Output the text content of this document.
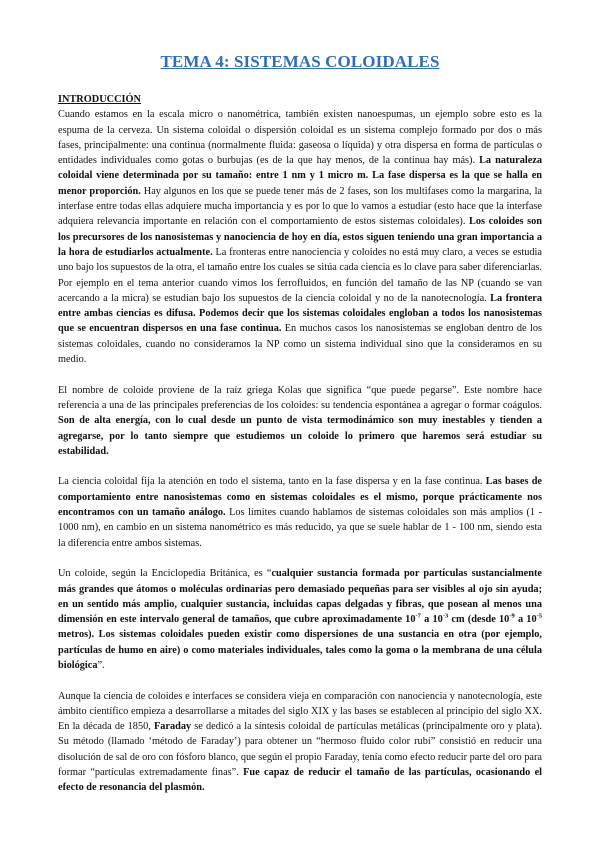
TEMA 4: SISTEMAS COLOIDALES

INTRODUCCIÓN

Cuando estamos en la escala micro o nanométrica, también existen nanoespumas, un ejemplo sobre esto es la espuma de la cerveza. Un sistema coloidal o dispersión coloidal es un sistema complejo formado por dos o más fases, principalmente: una continua (normalmente fluida: gaseosa o líquida) y otra dispersa en forma de partículas o entidades individuales como gotas o burbujas (es de la que hay menos, de la continua hay más). La naturaleza coloidal viene determinada por su tamaño: entre 1 nm y 1 micro m. La fase dispersa es la que se halla en menor proporción. Hay algunos en los que se puede tener más de 2 fases, son los multifases como la margarina, la interfase entre todas ellas adquiere mucha importancia y es por lo que lo vamos a estudiar (esto hace que la interfase adquiera relevancia importante en relación con el comportamiento de estos sistemas coloidales). Los coloides son los precursores de los nanosistemas y nanociencia de hoy en día, estos siguen teniendo una gran importancia a la hora de estudiarlos actualmente. La fronteras entre nanociencia y coloides no está muy claro, a veces se estudia uno bajo los supuestos de la otra, el tamaño entre los cuales se sitúa cada ciencia es lo clave para saber diferenciarlas. Por ejemplo en el tema anterior cuando vimos los ferrofluidos, en función del tamaño de las NP (cuando se van acercando a la micra) se estudian bajo los supuestos de la ciencia coloidal y no de la nanotecnología. La frontera entre ambas ciencias es difusa. Podemos decir que los sistemas coloidales engloban a todos los nanosistemas que se encuentran dispersos en una fase continua. En muchos casos los nanosistemas se engloban dentro de los sistemas coloidales, cuando no consideramos la NP como un sistema individual sino que la consideramos en su medio.

El nombre de coloide proviene de la raíz griega Kolas que significa “que puede pegarse”. Este nombre hace referencia a una de las principales preferencias de los coloides: su tendencia espontánea a agregar o formar coágulos. Son de alta energía, con lo cual desde un punto de vista termodinámico son muy inestables y tienden a agregarse, por lo tanto siempre que estudiemos un coloide lo primero que haremos será estudiar su estabilidad.

La ciencia coloidal fija la atención en todo el sistema, tanto en la fase dispersa y en la fase continua. Las bases de comportamiento entre nanosistemas como en sistemas coloidales es el mismo, porque prácticamente nos encontramos con un tamaño análogo. Los límites cuando hablamos de sistemas coloidales son más amplios (1 - 1000 nm), en cambio en un sistema nanométrico es más reducido, ya que se suele hablar de 1 - 100 nm, siendo esta la diferencia entre ambos sistemas.

Un coloide, según la Enciclopedia Británica, es “cualquier sustancia formada por partículas sustancialmente más grandes que átomos o moléculas ordinarias pero demasiado pequeñas para ser visibles al ojo sin ayuda; en un sentido más amplio, cualquier sustancia, incluidas capas delgadas y fibras, que posean al menos una dimensión en este intervalo general de tamaños, que cubre aproximadamente $10^{-7}$ a $10^{-3}$ cm (desde $10^{-9}$ a $10^{-5}$ metros). Los sistemas coloidales pueden existir como dispersiones de una sustancia en otra (por ejemplo, partículas de humo en aire) o como materiales individuales, tales como la goma o la membrana de una célula biológica”.

Aunque la ciencia de coloides e interfaces se considera vieja en comparación con nanociencia y nanotecnología, este ámbito científico empieza a desarrollarse a mitades del siglo XIX y las bases se establecen al principio del siglo XX. En la década de 1850, Faraday se dedicó a la síntesis coloidal de partículas metálicas (principalmente oro y plata). Su método (llamado ‘método de Faraday’) para obtener un “hermoso fluido color rubí” consistió en reducir una disolución de sal de oro con fósforo blanco, que según el propio Faraday, tenía como efecto reducir parte del oro para formar “partículas extremadamente finas”. Fue capaz de reducir el tamaño de las partículas, ocasionando el efecto de resonancia del plasmón.
